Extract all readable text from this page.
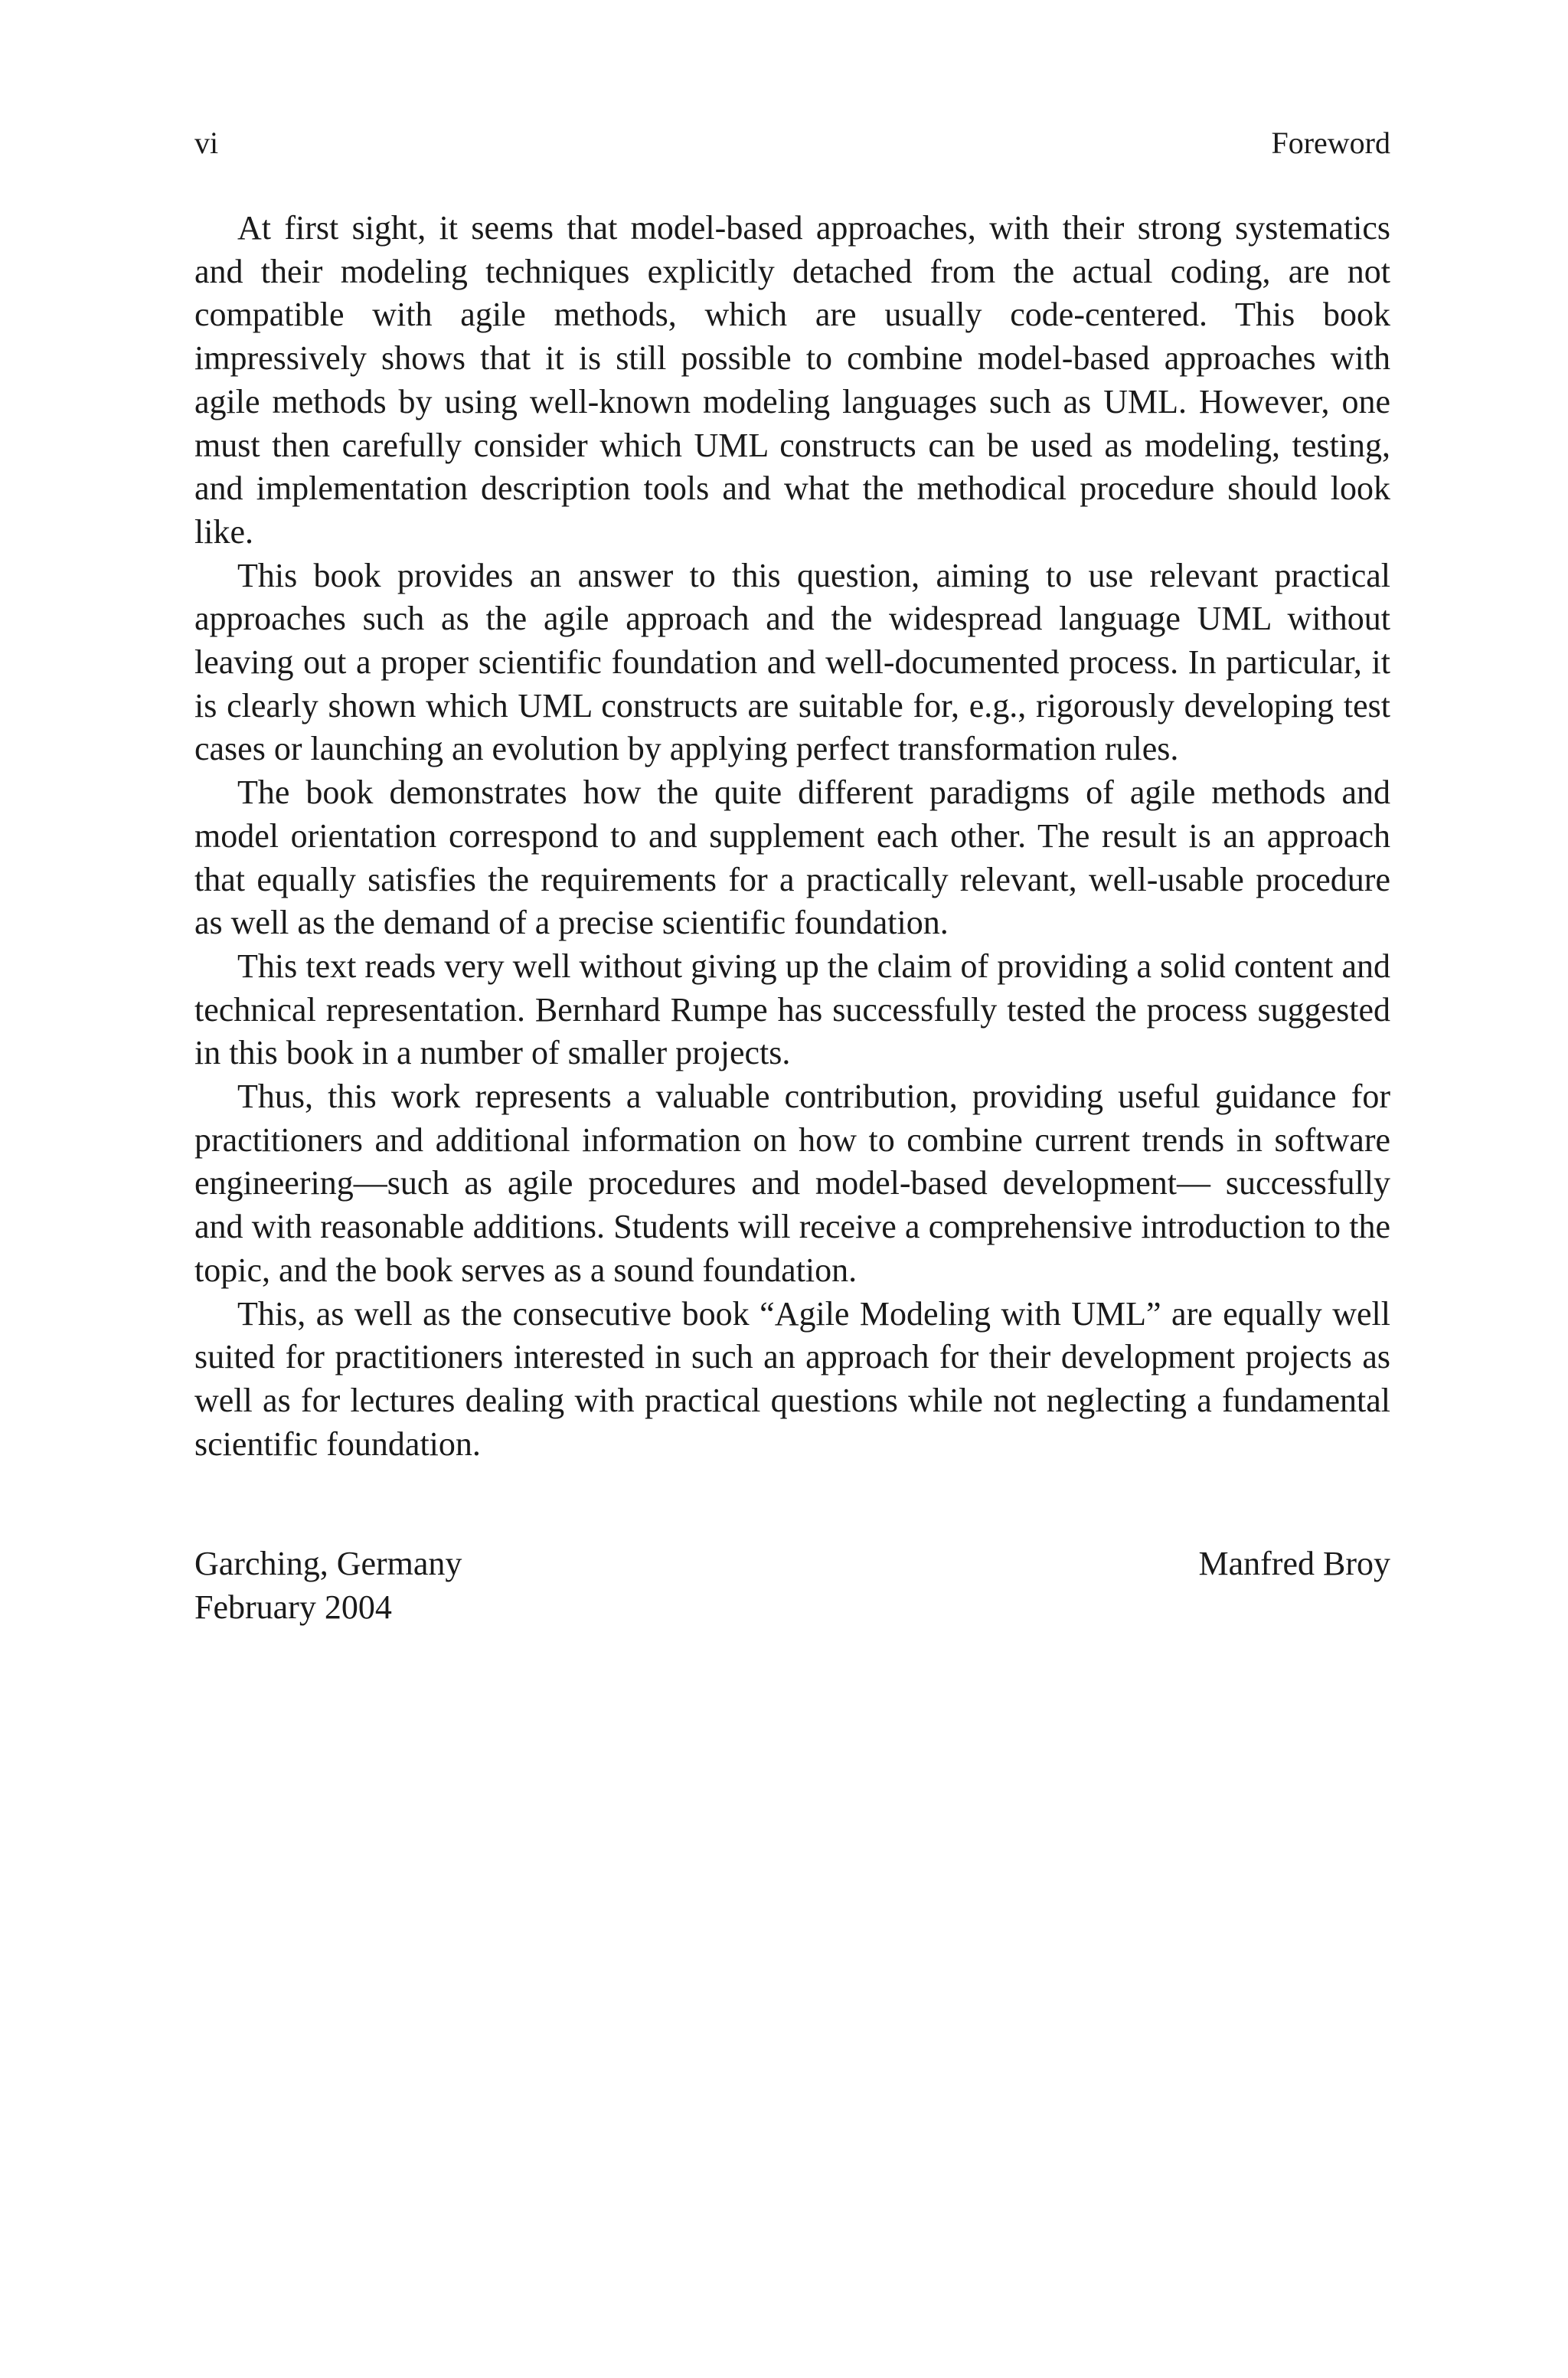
vi	Foreword

At first sight, it seems that model-based approaches, with their strong systematics and their modeling techniques explicitly detached from the actual coding, are not compatible with agile methods, which are usually code-centered. This book impressively shows that it is still possible to combine model-based approaches with agile methods by using well-known modeling languages such as UML. However, one must then carefully consider which UML constructs can be used as modeling, testing, and implementation description tools and what the methodical procedure should look like.

This book provides an answer to this question, aiming to use relevant practical approaches such as the agile approach and the widespread language UML without leaving out a proper scientific foundation and well-documented process. In particular, it is clearly shown which UML constructs are suitable for, e.g., rigorously developing test cases or launching an evolution by applying perfect transformation rules.

The book demonstrates how the quite different paradigms of agile methods and model orientation correspond to and supplement each other. The result is an approach that equally satisfies the requirements for a practically relevant, well-usable procedure as well as the demand of a precise scientific foundation.

This text reads very well without giving up the claim of providing a solid content and technical representation. Bernhard Rumpe has successfully tested the process suggested in this book in a number of smaller projects.

Thus, this work represents a valuable contribution, providing useful guidance for practitioners and additional information on how to combine current trends in software engineering—such as agile procedures and model-based development— successfully and with reasonable additions. Students will receive a comprehensive introduction to the topic, and the book serves as a sound foundation.

This, as well as the consecutive book “Agile Modeling with UML” are equally well suited for practitioners interested in such an approach for their development projects as well as for lectures dealing with practical questions while not neglecting a fundamental scientific foundation.

Garching, Germany
February 2004
Manfred Broy
